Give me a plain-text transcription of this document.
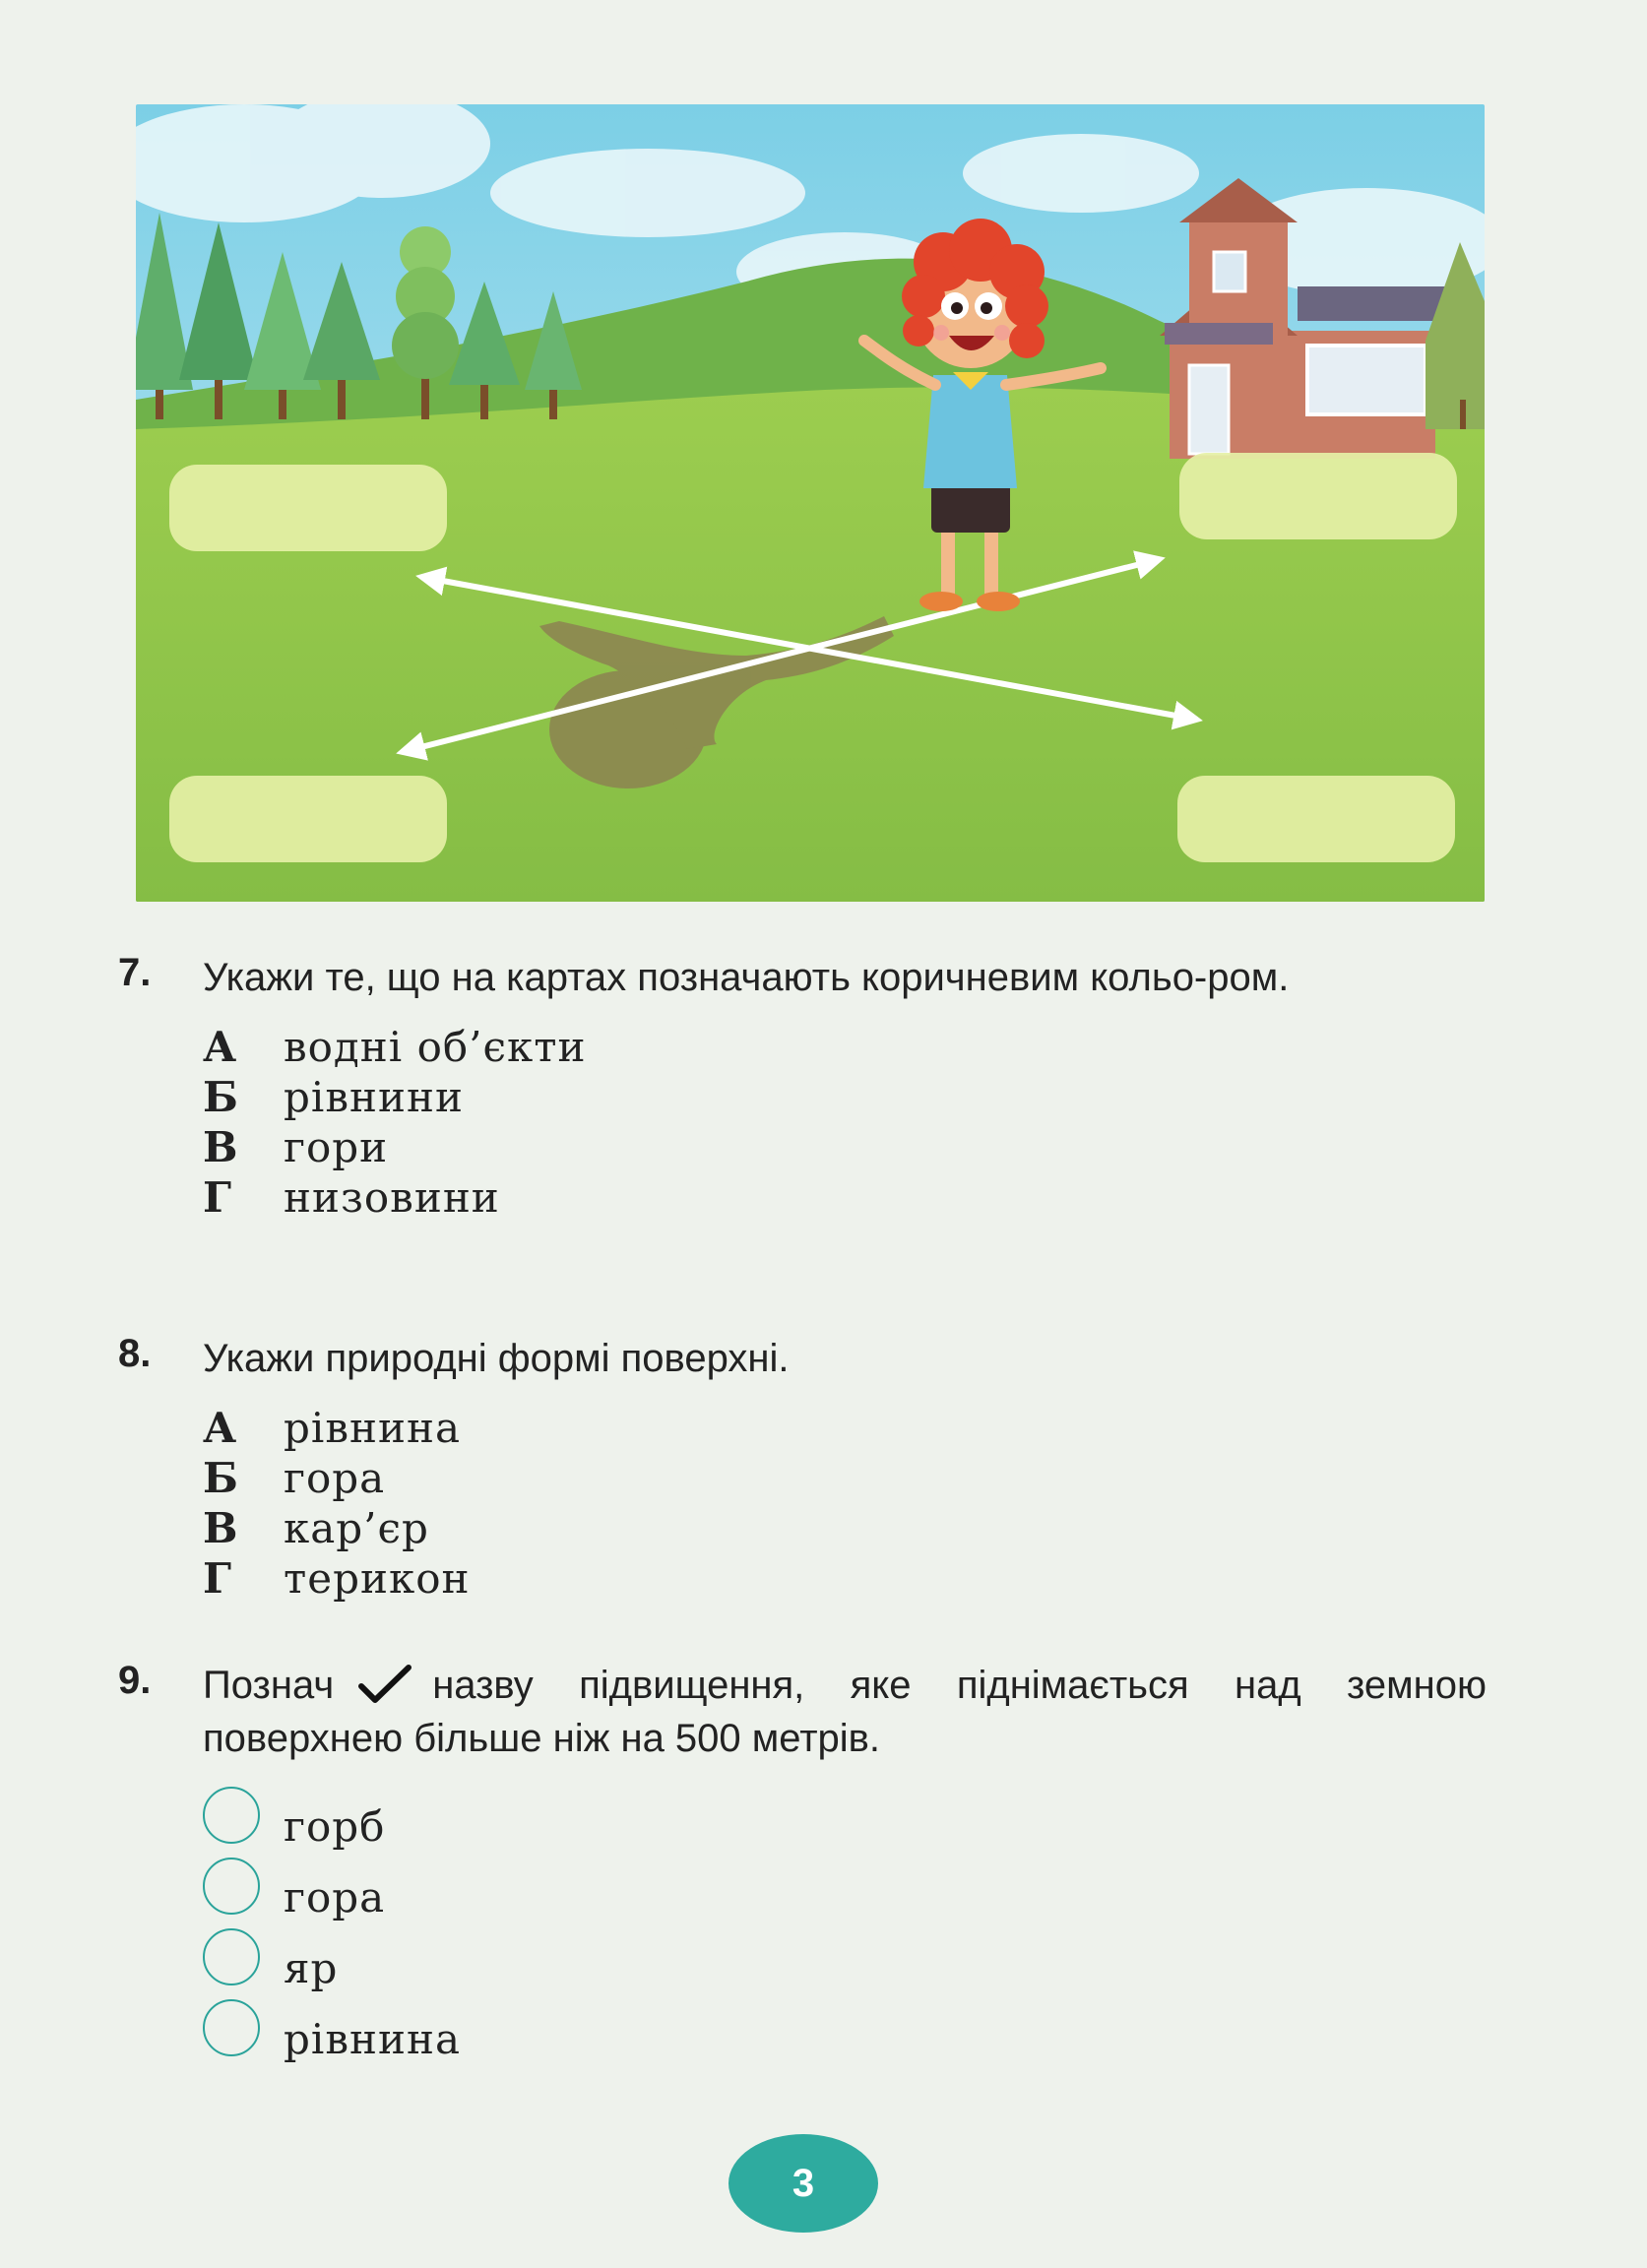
7. Укажи те, що на картах позначають коричневим кольо-ром.
А водні об’єкти
Б рівнини
В гори
Г низовини
8. Укажи природні формі поверхні.
А рівнина
Б гора
В кар’єр
Г терикон
9. Познач	назву підвищення, яке піднімається над земною поверхнею більше ніж на 500 метрів.
горб
гора
яр
рівнина
3
